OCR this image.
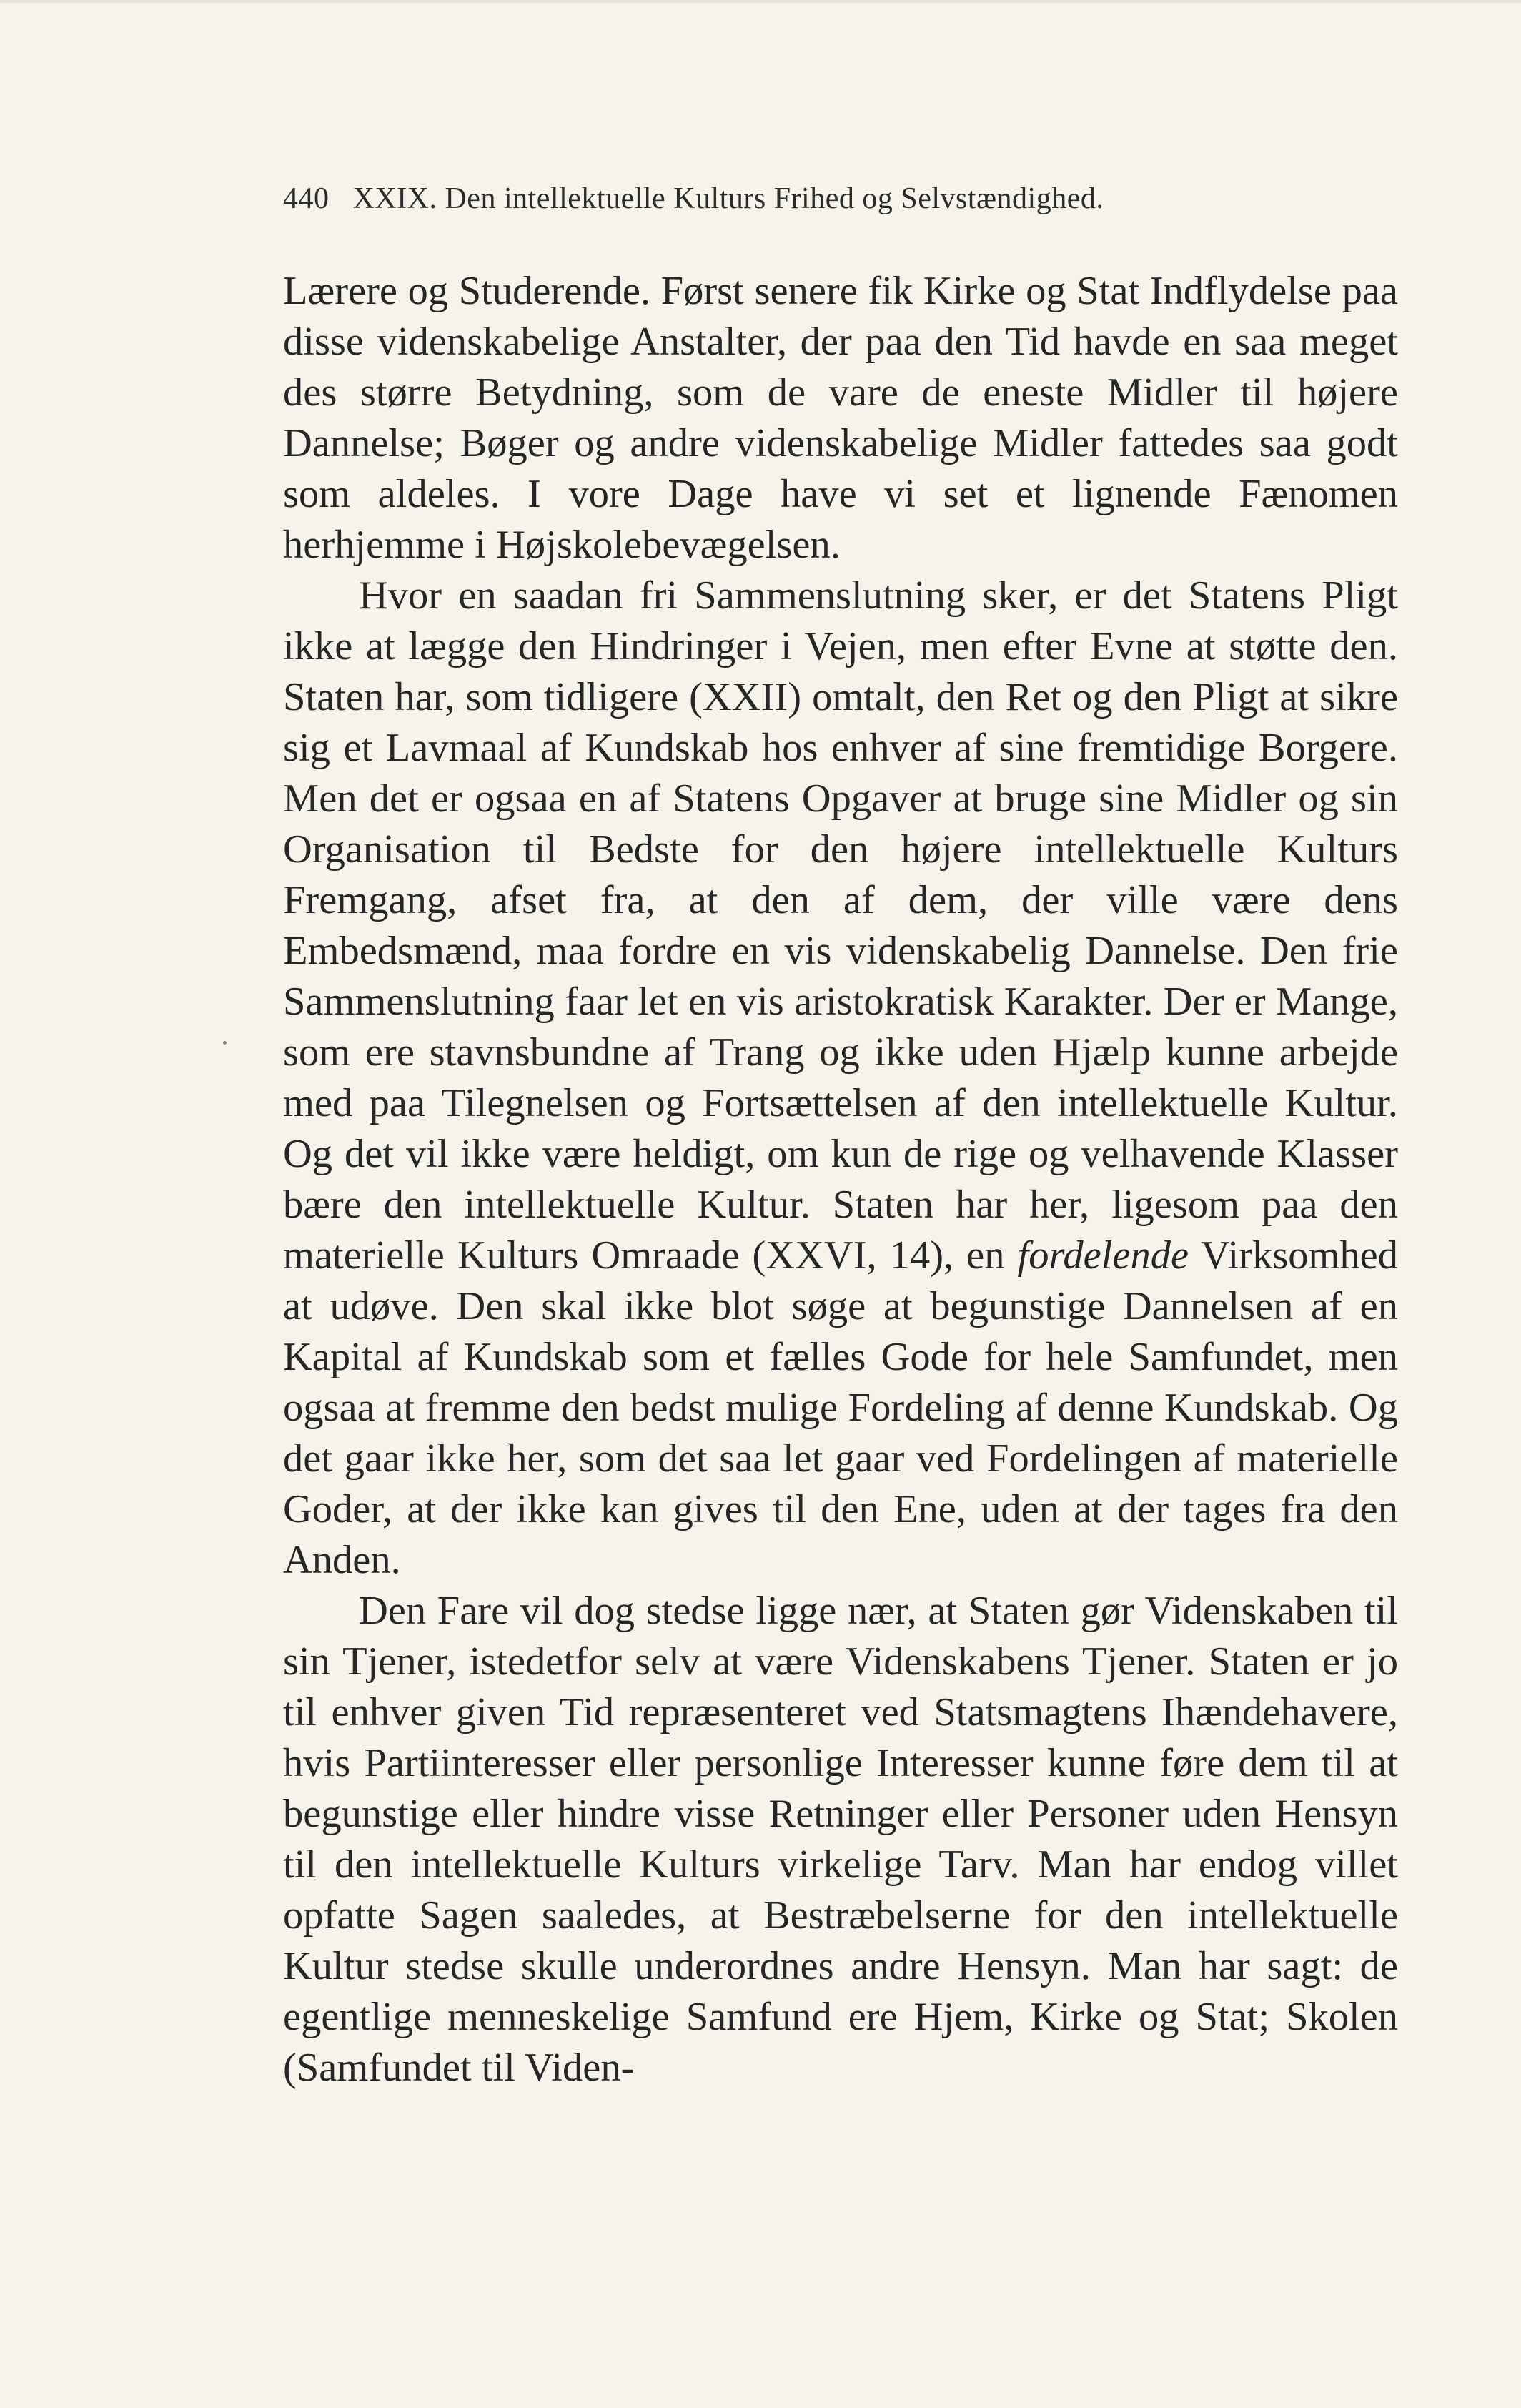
440 XXIX. Den intellektuelle Kulturs Frihed og Selvstændighed.

Lærere og Studerende. Først senere fik Kirke og Stat Indflydelse paa disse videnskabelige Anstalter, der paa den Tid havde en saa meget des større Betydning, som de vare de eneste Midler til højere Dannelse; Bøger og andre videnskabelige Midler fattedes saa godt som aldeles. I vore Dage have vi set et lignende Fænomen herhjemme i Højskolebevægelsen.

Hvor en saadan fri Sammenslutning sker, er det Statens Pligt ikke at lægge den Hindringer i Vejen, men efter Evne at støtte den. Staten har, som tidligere (XXII) omtalt, den Ret og den Pligt at sikre sig et Lavmaal af Kundskab hos enhver af sine fremtidige Borgere. Men det er ogsaa en af Statens Opgaver at bruge sine Midler og sin Organisation til Bedste for den højere intellektuelle Kulturs Fremgang, afset fra, at den af dem, der ville være dens Embedsmænd, maa fordre en vis videnskabelig Dannelse. Den frie Sammenslutning faar let en vis aristokratisk Karakter. Der er Mange, som ere stavnsbundne af Trang og ikke uden Hjælp kunne arbejde med paa Tilegnelsen og Fortsættelsen af den intellektuelle Kultur. Og det vil ikke være heldigt, om kun de rige og velhavende Klasser bære den intellektuelle Kultur. Staten har her, ligesom paa den materielle Kulturs Omraade (XXVI, 14), en fordelende Virksomhed at udøve. Den skal ikke blot søge at begunstige Dannelsen af en Kapital af Kundskab som et fælles Gode for hele Samfundet, men ogsaa at fremme den bedst mulige Fordeling af denne Kundskab. Og det gaar ikke her, som det saa let gaar ved Fordelingen af materielle Goder, at der ikke kan gives til den Ene, uden at der tages fra den Anden.

Den Fare vil dog stedse ligge nær, at Staten gør Videnskaben til sin Tjener, istedetfor selv at være Videnskabens Tjener. Staten er jo til enhver given Tid repræsenteret ved Statsmagtens Ihændehavere, hvis Partiinteresser eller personlige Interesser kunne føre dem til at begunstige eller hindre visse Retninger eller Personer uden Hensyn til den intellektuelle Kulturs virkelige Tarv. Man har endog villet opfatte Sagen saaledes, at Bestræbelserne for den intellektuelle Kultur stedse skulle underordnes andre Hensyn. Man har sagt: de egentlige menneskelige Samfund ere Hjem, Kirke og Stat; Skolen (Samfundet til Viden-
